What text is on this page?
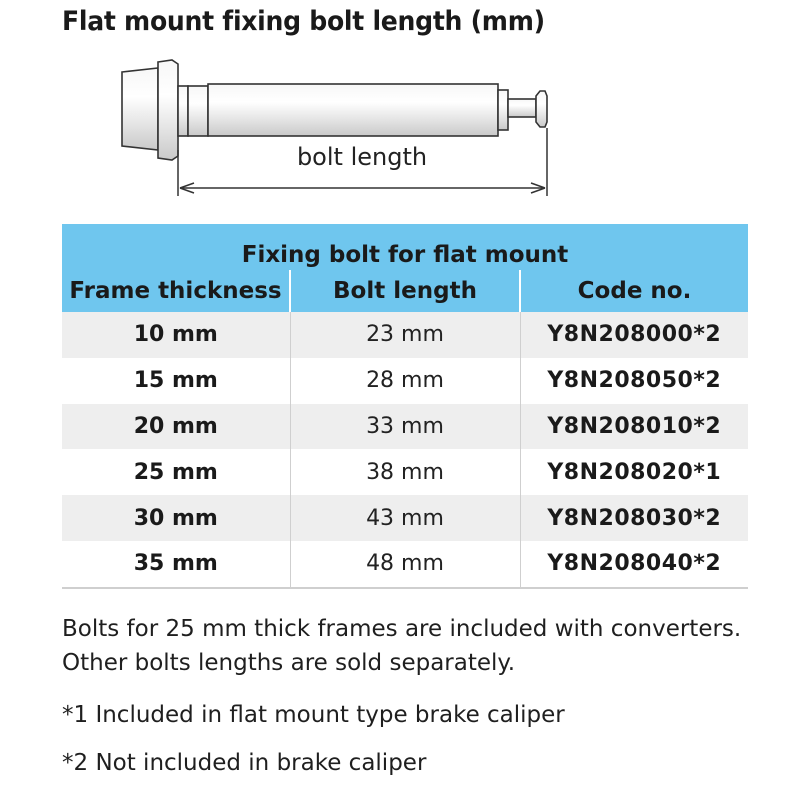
Flat mount fixing bolt length (mm)
bolt length
Fixing bolt for flat mount		
Frame thickness	Bolt length	Code no.
10 mm	23 mm	Y8N208000*2
15 mm	28 mm	Y8N208050*2
20 mm	33 mm	Y8N208010*2
25 mm	38 mm	Y8N208020*1
30 mm	43 mm	Y8N208030*2
35 mm	48 mm	Y8N208040*2
Bolts for 25 mm thick frames are included with converters. Other bolts lengths are sold separately.
*1 Included in flat mount type brake caliper
*2 Not included in brake caliper
